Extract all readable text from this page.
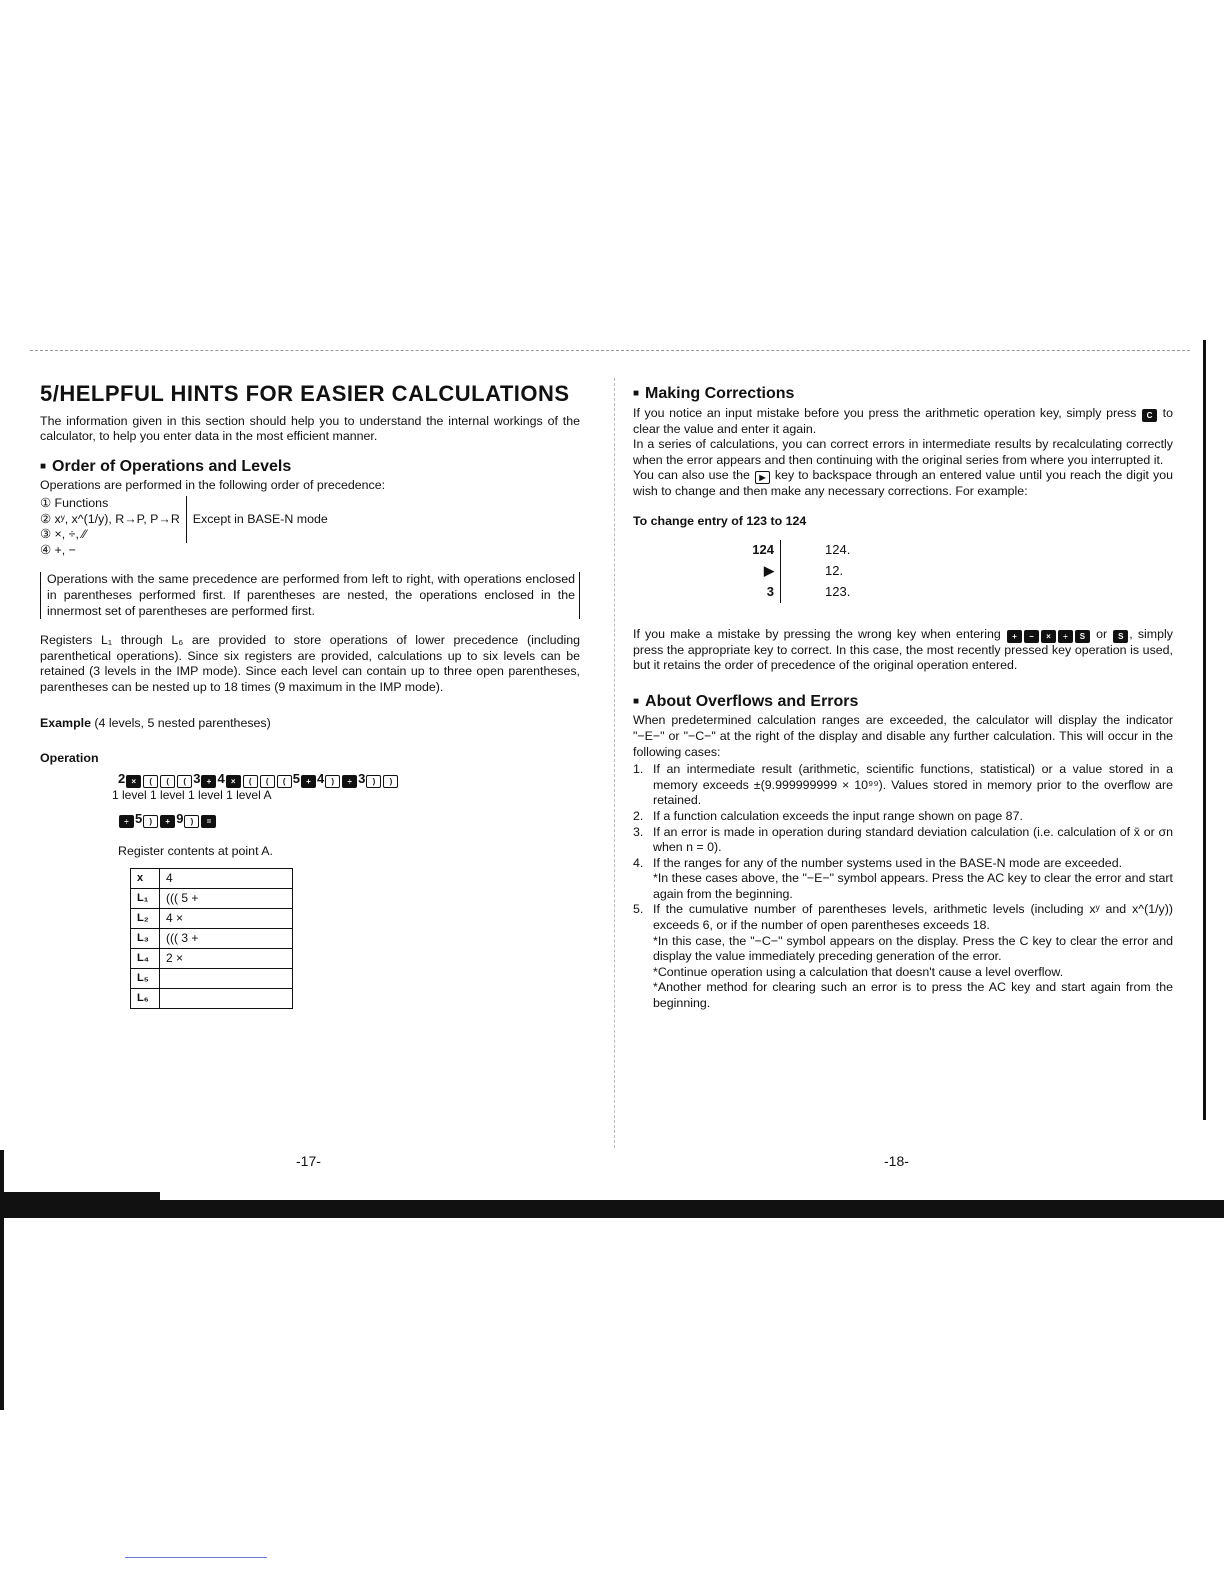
5/HELPFUL HINTS FOR EASIER CALCULATIONS

The information given in this section should help you to understand the internal workings of the calculator, to help you enter data in the most efficient manner.

■ Order of Operations and Levels

Operations are performed in the following order of precedence:

① Functions
② xʸ, x^(1/y), R→P, P→R
③ ×, ÷, ⁄⁄
Except in BASE-N mode
④ +, −

Operations with the same precedence are performed from left to right, with operations enclosed in parentheses performed first. If parentheses are nested, the operations enclosed in the innermost set of parentheses are performed first.

Registers L₁ through L₆ are provided to store operations of lower precedence (including parenthetical operations). Since six registers are provided, calculations up to six levels can be retained (3 levels in the IMP mode). Since each level can contain up to three open parentheses, parentheses can be nested up to 18 times (9 maximum in the IMP mode).

Example (4 levels, 5 nested parentheses)

Operation

2 × ( ( ( 3 + 4 × ( ( ( 5 + 4 ) ÷ 3 ) )
1 level 1 level 1 level 1 level A
÷ 5 ) + 9 ) =

Register contents at point A.

x	4
L₁	((( 5 +
L₂	4 ×
L₃	((( 3 +
L₄	2 ×
L₅	
L₆	
-17-
■ Making Corrections

If you notice an input mistake before you press the arithmetic operation key, simply press C to clear the value and enter it again.

In a series of calculations, you can correct errors in intermediate results by recalculating correctly when the error appears and then continuing with the original series from where you interrupted it.

You can also use the ▶ key to backspace through an entered value until you reach the digit you wish to change and then make any necessary corrections. For example:

To change entry of 123 to 124

124	124.
▶	12.
3	123.

If you make a mistake by pressing the wrong key when entering + − × ÷ S or S , simply press the appropriate key to correct. In this case, the most recently pressed key operation is used, but it retains the order of precedence of the original operation entered.

■ About Overflows and Errors

When predetermined calculation ranges are exceeded, the calculator will display the indicator "−E−" or "−C−" at the right of the display and disable any further calculation. This will occur in the following cases:

1. If an intermediate result (arithmetic, scientific functions, statistical) or a value stored in a memory exceeds ±(9.999999999 × 10⁹⁹). Values stored in memory prior to the overflow are retained.
2. If a function calculation exceeds the input range shown on page 87.
3. If an error is made in operation during standard deviation calculation (i.e. calculation of x̄ or σn when n = 0).
4. If the ranges for any of the number systems used in the BASE-N mode are exceeded.
*In these cases above, the "−E−" symbol appears. Press the AC key to clear the error and start again from the beginning.
5. If the cumulative number of parentheses levels, arithmetic levels (including xʸ and x^(1/y)) exceeds 6, or if the number of open parentheses exceeds 18.
*In this case, the "−C−" symbol appears on the display. Press the C key to clear the error and display the value immediately preceding generation of the error.
*Continue operation using a calculation that doesn't cause a level overflow.
*Another method for clearing such an error is to press the AC key and start again from the beginning.
-18-
